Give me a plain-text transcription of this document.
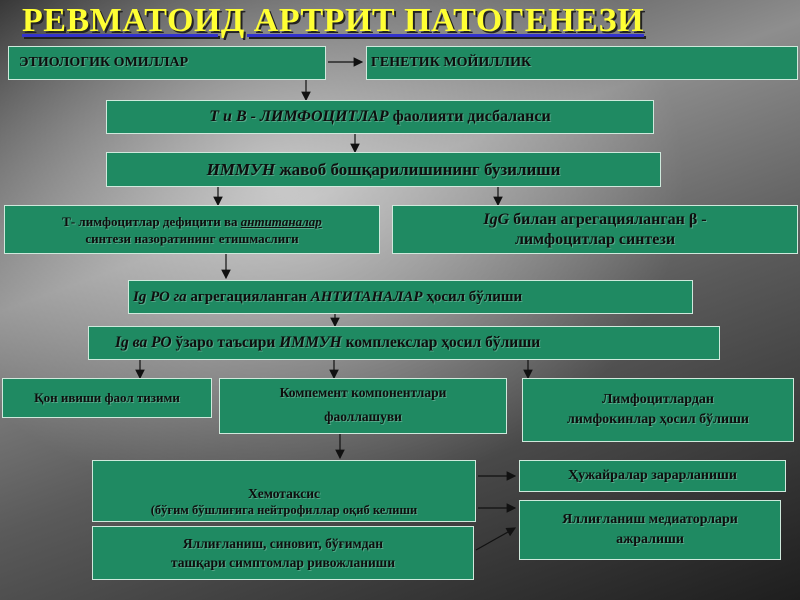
РЕВМАТОИД АРТРИТ ПАТОГЕНЕЗИ
ЭТИОЛОГИК ОМИЛЛАР	ГЕНЕТИК МОЙИЛЛИК
Т и В - ЛИМФОЦИТЛАР фаолияти дисбаланси
ИММУН жавоб бошқарилишининг бузилиши
Т- лимфоцитлар дефицити ва антитаналар
синтези назоратининг етишмаслиги
IgG билан агрегацияланган β -
лимфоцитлар синтези
Ig РО га агрегацияланган АНТИТАНАЛАР ҳосил бўлиши
Ig ва РО ўзаро таъсири ИММУН комплекслар ҳосил бўлиши
Қон ивиши фаол тизими	Компемент компонентлари
фаоллашуви
Лимфоцитлардан
лимфокинлар ҳосил бўлиши
Хемотаксис
(бўғим бўшлиғига нейтрофиллар оқиб келиши
Ҳужайралар зарарланиши
Яллиғланиш медиаторлари
ажралиши
Яллиғланиш, синовит, бўғимдан
ташқари симптомлар ривожланиши
